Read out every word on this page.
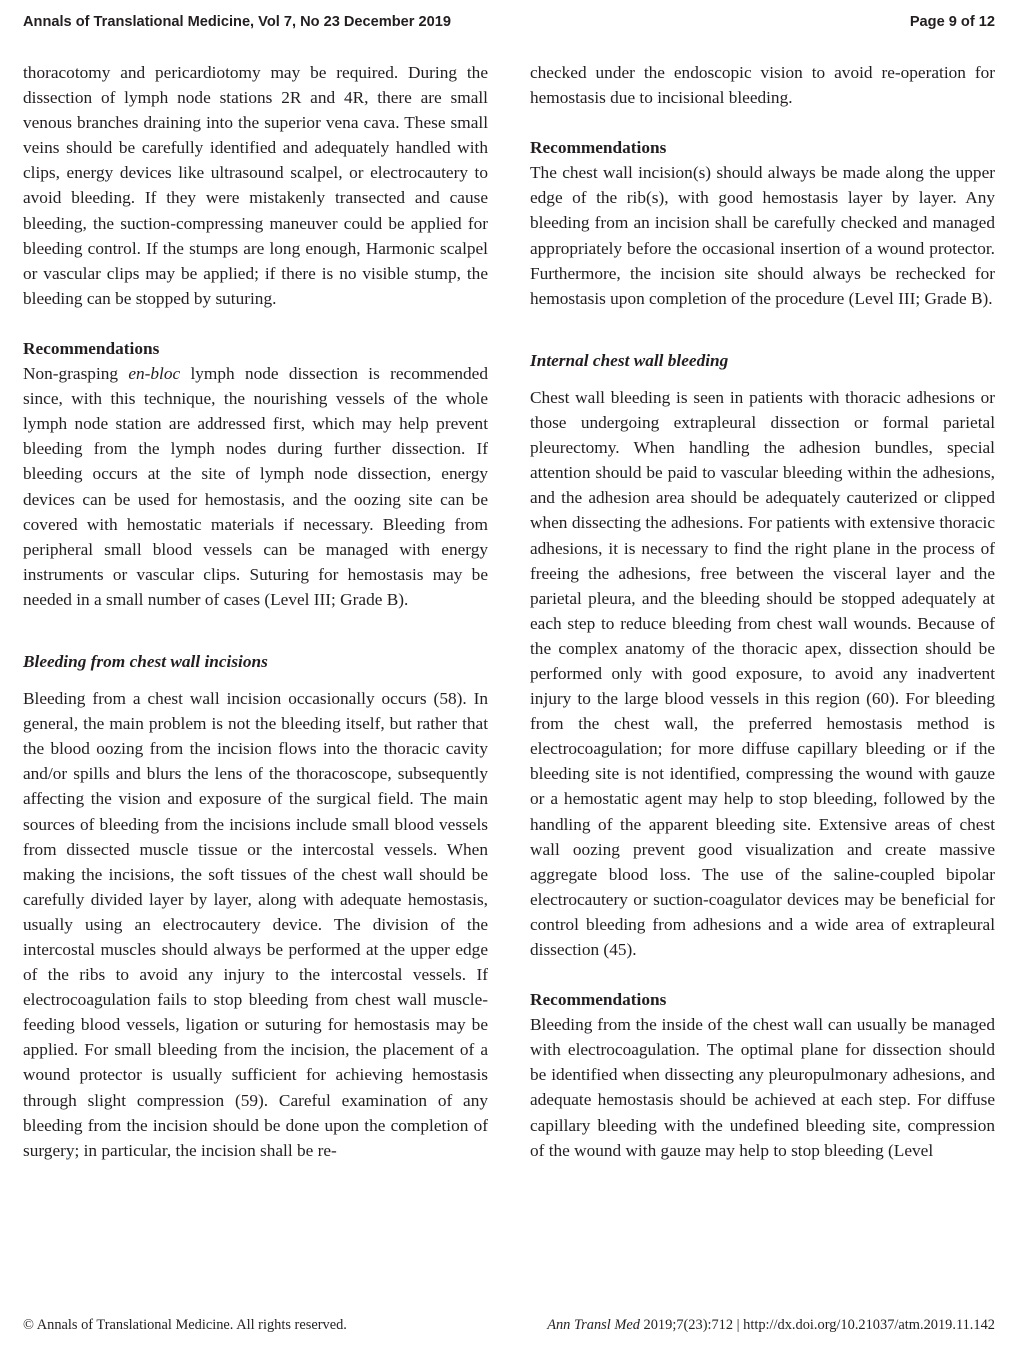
Annals of Translational Medicine, Vol 7, No 23 December 2019	Page 9 of 12

thoracotomy and pericardiotomy may be required. During the dissection of lymph node stations 2R and 4R, there are small venous branches draining into the superior vena cava. These small veins should be carefully identified and adequately handled with clips, energy devices like ultrasound scalpel, or electrocautery to avoid bleeding. If they were mistakenly transected and cause bleeding, the suction-compressing maneuver could be applied for bleeding control. If the stumps are long enough, Harmonic scalpel or vascular clips may be applied; if there is no visible stump, the bleeding can be stopped by suturing.

Recommendations

Non-grasping en-bloc lymph node dissection is recommended since, with this technique, the nourishing vessels of the whole lymph node station are addressed first, which may help prevent bleeding from the lymph nodes during further dissection. If bleeding occurs at the site of lymph node dissection, energy devices can be used for hemostasis, and the oozing site can be covered with hemostatic materials if necessary. Bleeding from peripheral small blood vessels can be managed with energy instruments or vascular clips. Suturing for hemostasis may be needed in a small number of cases (Level III; Grade B).

Bleeding from chest wall incisions

Bleeding from a chest wall incision occasionally occurs (58). In general, the main problem is not the bleeding itself, but rather that the blood oozing from the incision flows into the thoracic cavity and/or spills and blurs the lens of the thoracoscope, subsequently affecting the vision and exposure of the surgical field. The main sources of bleeding from the incisions include small blood vessels from dissected muscle tissue or the intercostal vessels. When making the incisions, the soft tissues of the chest wall should be carefully divided layer by layer, along with adequate hemostasis, usually using an electrocautery device. The division of the intercostal muscles should always be performed at the upper edge of the ribs to avoid any injury to the intercostal vessels. If electrocoagulation fails to stop bleeding from chest wall muscle-feeding blood vessels, ligation or suturing for hemostasis may be applied. For small bleeding from the incision, the placement of a wound protector is usually sufficient for achieving hemostasis through slight compression (59). Careful examination of any bleeding from the incision should be done upon the completion of surgery; in particular, the incision shall be re-

checked under the endoscopic vision to avoid re-operation for hemostasis due to incisional bleeding.

Recommendations

The chest wall incision(s) should always be made along the upper edge of the rib(s), with good hemostasis layer by layer. Any bleeding from an incision shall be carefully checked and managed appropriately before the occasional insertion of a wound protector. Furthermore, the incision site should always be rechecked for hemostasis upon completion of the procedure (Level III; Grade B).

Internal chest wall bleeding

Chest wall bleeding is seen in patients with thoracic adhesions or those undergoing extrapleural dissection or formal parietal pleurectomy. When handling the adhesion bundles, special attention should be paid to vascular bleeding within the adhesions, and the adhesion area should be adequately cauterized or clipped when dissecting the adhesions. For patients with extensive thoracic adhesions, it is necessary to find the right plane in the process of freeing the adhesions, free between the visceral layer and the parietal pleura, and the bleeding should be stopped adequately at each step to reduce bleeding from chest wall wounds. Because of the complex anatomy of the thoracic apex, dissection should be performed only with good exposure, to avoid any inadvertent injury to the large blood vessels in this region (60). For bleeding from the chest wall, the preferred hemostasis method is electrocoagulation; for more diffuse capillary bleeding or if the bleeding site is not identified, compressing the wound with gauze or a hemostatic agent may help to stop bleeding, followed by the handling of the apparent bleeding site. Extensive areas of chest wall oozing prevent good visualization and create massive aggregate blood loss. The use of the saline-coupled bipolar electrocautery or suction-coagulator devices may be beneficial for control bleeding from adhesions and a wide area of extrapleural dissection (45).

Recommendations

Bleeding from the inside of the chest wall can usually be managed with electrocoagulation. The optimal plane for dissection should be identified when dissecting any pleuropulmonary adhesions, and adequate hemostasis should be achieved at each step. For diffuse capillary bleeding with the undefined bleeding site, compression of the wound with gauze may help to stop bleeding (Level

© Annals of Translational Medicine. All rights reserved.	Ann Transl Med 2019;7(23):712 | http://dx.doi.org/10.21037/atm.2019.11.142
